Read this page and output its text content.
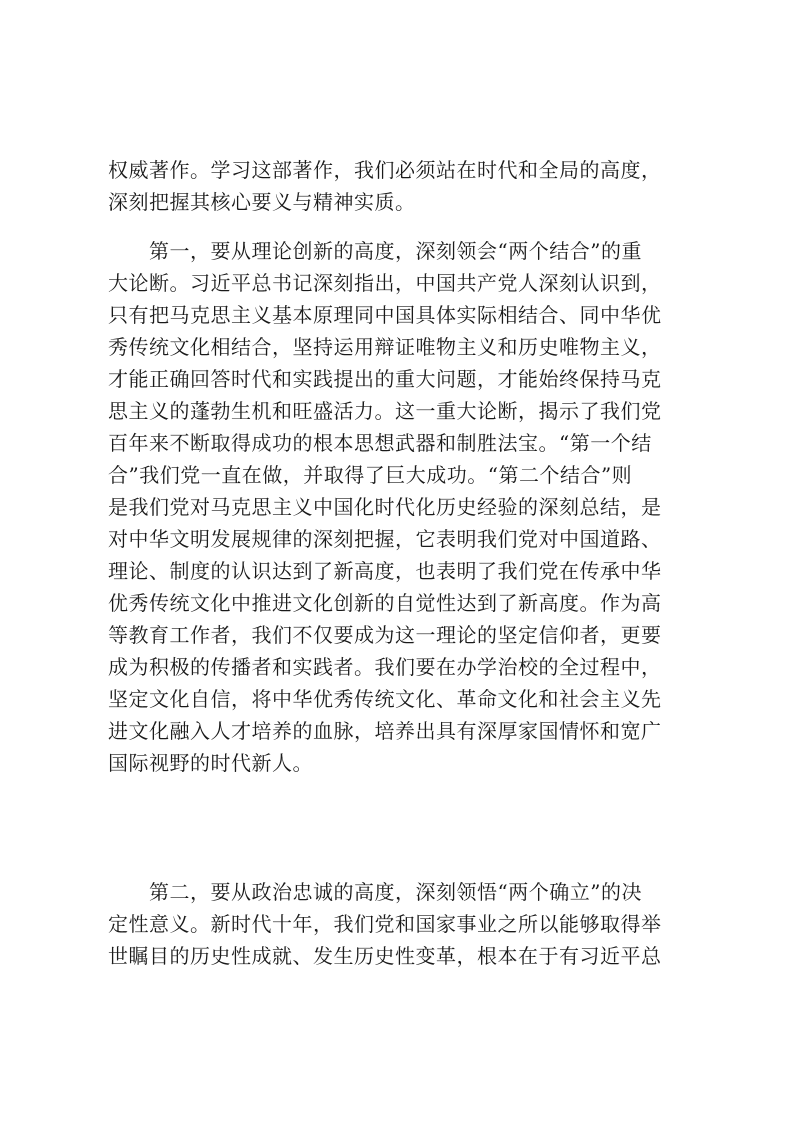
权威著作。学习这部著作，我们必须站在时代和全局的高度，
深刻把握其核心要义与精神实质。

　　第一，要从理论创新的高度，深刻领会“两个结合”的重
大论断。习近平总书记深刻指出，中国共产党人深刻认识到，
只有把马克思主义基本原理同中国具体实际相结合、同中华优
秀传统文化相结合，坚持运用辩证唯物主义和历史唯物主义，
才能正确回答时代和实践提出的重大问题，才能始终保持马克
思主义的蓬勃生机和旺盛活力。这一重大论断，揭示了我们党
百年来不断取得成功的根本思想武器和制胜法宝。“第一个结
合”我们党一直在做，并取得了巨大成功。“第二个结合”则
是我们党对马克思主义中国化时代化历史经验的深刻总结，是
对中华文明发展规律的深刻把握，它表明我们党对中国道路、
理论、制度的认识达到了新高度，也表明了我们党在传承中华
优秀传统文化中推进文化创新的自觉性达到了新高度。作为高
等教育工作者，我们不仅要成为这一理论的坚定信仰者，更要
成为积极的传播者和实践者。我们要在办学治校的全过程中，
坚定文化自信，将中华优秀传统文化、革命文化和社会主义先
进文化融入人才培养的血脉，培养出具有深厚家国情怀和宽广
国际视野的时代新人。

　　第二，要从政治忠诚的高度，深刻领悟“两个确立”的决
定性意义。新时代十年，我们党和国家事业之所以能够取得举
世瞩目的历史性成就、发生历史性变革，根本在于有习近平总
